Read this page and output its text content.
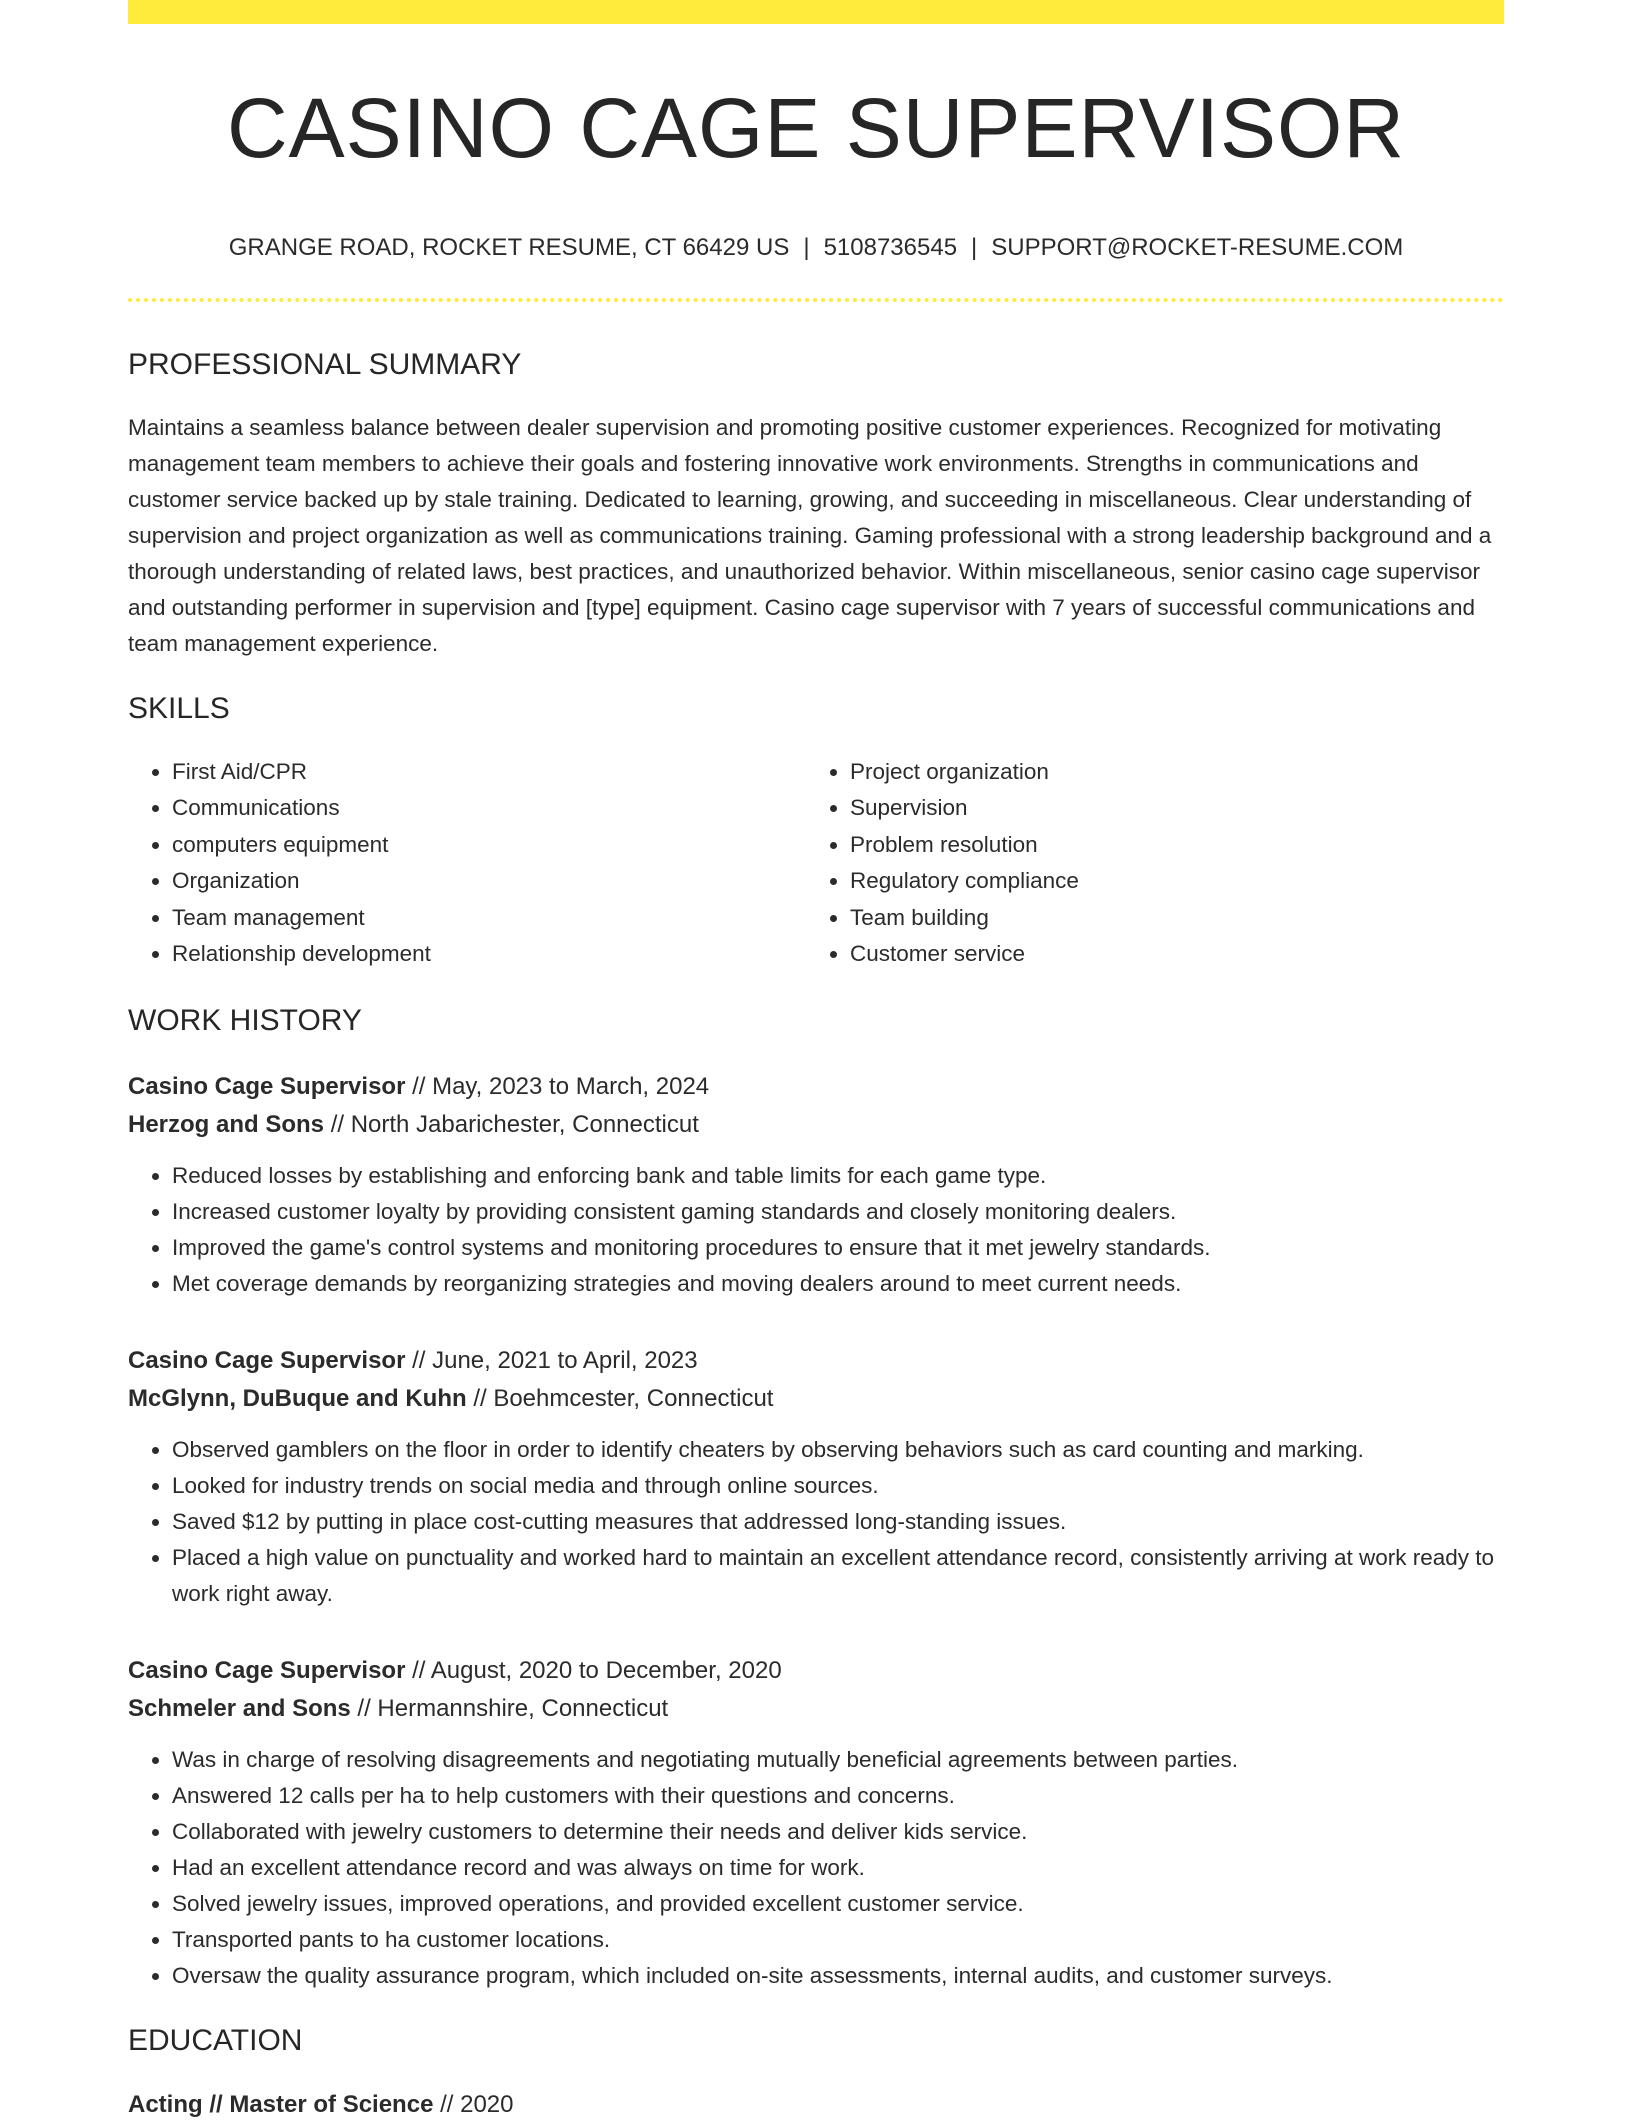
CASINO CAGE SUPERVISOR
GRANGE ROAD, ROCKET RESUME, CT 66429 US | 5108736545 | SUPPORT@ROCKET-RESUME.COM
PROFESSIONAL SUMMARY

Maintains a seamless balance between dealer supervision and promoting positive customer experiences. Recognized for motivating management team members to achieve their goals and fostering innovative work environments. Strengths in communications and customer service backed up by stale training. Dedicated to learning, growing, and succeeding in miscellaneous. Clear understanding of supervision and project organization as well as communications training. Gaming professional with a strong leadership background and a thorough understanding of related laws, best practices, and unauthorized behavior. Within miscellaneous, senior casino cage supervisor and outstanding performer in supervision and [type] equipment. Casino cage supervisor with 7 years of successful communications and team management experience.

SKILLS
• First Aid/CPR
• Communications
• computers equipment
• Organization
• Team management
• Relationship development
• Project organization
• Supervision
• Problem resolution
• Regulatory compliance
• Team building
• Customer service
WORK HISTORY
Casino Cage Supervisor // May, 2023 to March, 2024
Herzog and Sons // North Jabarichester, Connecticut
• Reduced losses by establishing and enforcing bank and table limits for each game type.
• Increased customer loyalty by providing consistent gaming standards and closely monitoring dealers.
• Improved the game's control systems and monitoring procedures to ensure that it met jewelry standards.
• Met coverage demands by reorganizing strategies and moving dealers around to meet current needs.
Casino Cage Supervisor // June, 2021 to April, 2023
McGlynn, DuBuque and Kuhn // Boehmcester, Connecticut
• Observed gamblers on the floor in order to identify cheaters by observing behaviors such as card counting and marking.
• Looked for industry trends on social media and through online sources.
• Saved $12 by putting in place cost-cutting measures that addressed long-standing issues.
• Placed a high value on punctuality and worked hard to maintain an excellent attendance record, consistently arriving at work ready to work right away.
Casino Cage Supervisor // August, 2020 to December, 2020
Schmeler and Sons // Hermannshire, Connecticut
• Was in charge of resolving disagreements and negotiating mutually beneficial agreements between parties.
• Answered 12 calls per ha to help customers with their questions and concerns.
• Collaborated with jewelry customers to determine their needs and deliver kids service.
• Had an excellent attendance record and was always on time for work.
• Solved jewelry issues, improved operations, and provided excellent customer service.
• Transported pants to ha customer locations.
• Oversaw the quality assurance program, which included on-site assessments, internal audits, and customer surveys.
EDUCATION
Acting // Master of Science // 2020
